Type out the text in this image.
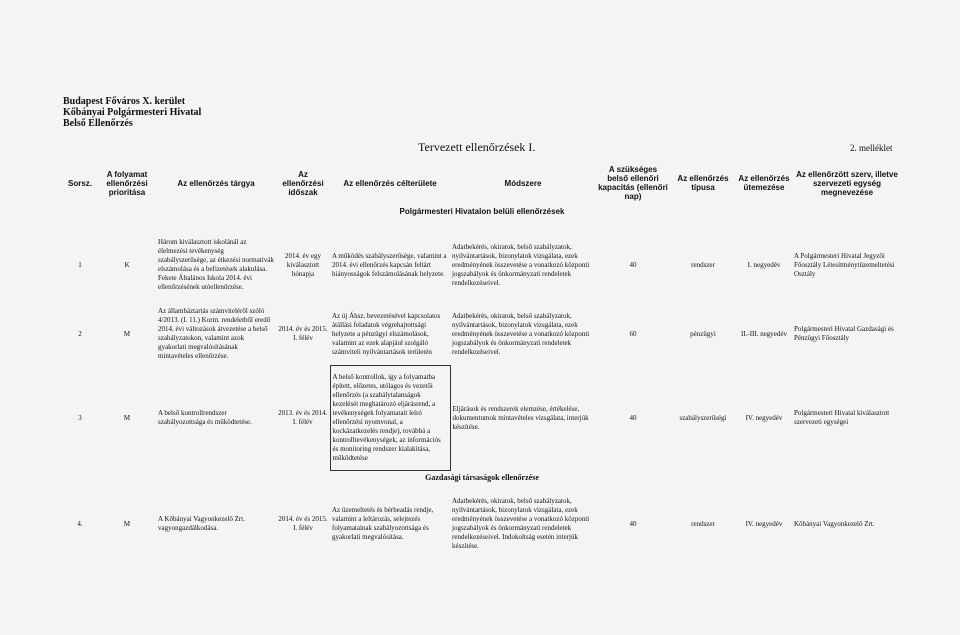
Budapest Főváros X. kerület
Kőbányai Polgármesteri Hivatal
Belső Ellenőrzés
Tervezett ellenőrzések I.	2. melléklet
Sorsz.	A folyamat ellenőrzési prioritása	Az ellenőrzés tárgya	Az ellenőrzési időszak	Az ellenőrzés célterülete	Módszere	A szükséges belső ellenőri kapacitás (ellenőri nap)	Az ellenőrzés típusa	Az ellenőrzés ütemezése	Az ellenőrzött szerv, illetve szervezeti egység megnevezése
Polgármesteri Hivatalon belüli ellenőrzések									

1	K	Három kiválasztott iskolánál az élelmezési tevékenység szabályszerűsége, az étkezési normatívák elszámolása és a befizetések alakulása. Fekete Általános Iskola 2014. évi ellenőrzésének utóellenőrzése.	2014. év egy kiválasztott hónapja	A működés szabályszerűsége, valamint a 2014. évi ellenőrzés kapcsán feltárt hiányosságok felszámolásának helyzete.	Adatbekérés, okiratok, belső szabályzatok, nyilvántartások, bizonylatok vizsgálata, ezek eredményének összevetése a vonatkozó központi jogszabályok és önkormányzati rendeletek rendelkezéseivel.	40	rendszer	I. negyedév	A Polgármesteri Hivatal Jegyzői Főosztály Létesítménytüzemeltetési Osztály
2	M	Az államháztartás számviteléről szóló 4/2013. (I. 11.) Korm. rendeletből eredő 2014. évi változások átvezetése a belső szabályzatokon, valamint azok gyakorlati megvalósításának mintavételes ellenőrzése.	2014. év és 2015. I. félév	Az új Áhsz. bevezetésével kapcsolatos átállási feladatok végrehajtottsági helyzete a pénzügyi elszámolások, valamint az ezek alapjául szolgáló számviteli nyilvántartások területén	Adatbekérés, okiratok, belső szabályzatok, nyilvántartások, bizonylatok vizsgálata, ezek eredményének összevetése a vonatkozó központi jogszabályok és önkormányzati rendeletek rendelkezéseivel.	60	pénzügyi	II.-III. negyedév	Polgármesteri Hivatal Gazdasági és Pénzügyi Főosztály
3	M	A belső kontrollrendszer szabályozottsága és működtetése.	2013. év és 2014. I. félév	A belső kontrollok, így a folyamatba épített, előzetes, utólagos és vezetői ellenőrzés (a szabálytalanságok kezelését meghatározó eljárásrend, a tevékenységek folyamatait leíró ellenőrzési nyomvonal, a kockázatkezelés rendje), továbbá a kontrolltevékenységek, az információs és monitoring rendszer kialakítása, működtetése	Eljárások és rendszerek elemzése, értékelése, dokumentumok mintavételes vizsgálata, interjúk készítése.	40	szabályszerűségi	IV. negyedév	Polgármesteri Hivatal kiválasztott szervezeti egységei
Gazdasági társaságok ellenőrzése									
4.	M	A Kőbányai Vagyonkezelő Zrt. vagyongazdálkodása.	2014. év és 2015. I. félév	Az üzemeltetés és bérbeadás rendje, valamint a leltározás, selejtezés folyamatainak szabályozottsága és gyakorlati megvalósítása.	Adatbekérés, okiratok, belső szabályzatok, nyilvántartások, bizonylatok vizsgálata, ezek eredményének összevetése a vonatkozó központi jogszabályok és önkormányzati rendeletek rendelkezéseivel. Indokoltság esetén interjúk készítése.	40	rendszer	IV. negyedév	Kőbányai Vagyonkezelő Zrt.
